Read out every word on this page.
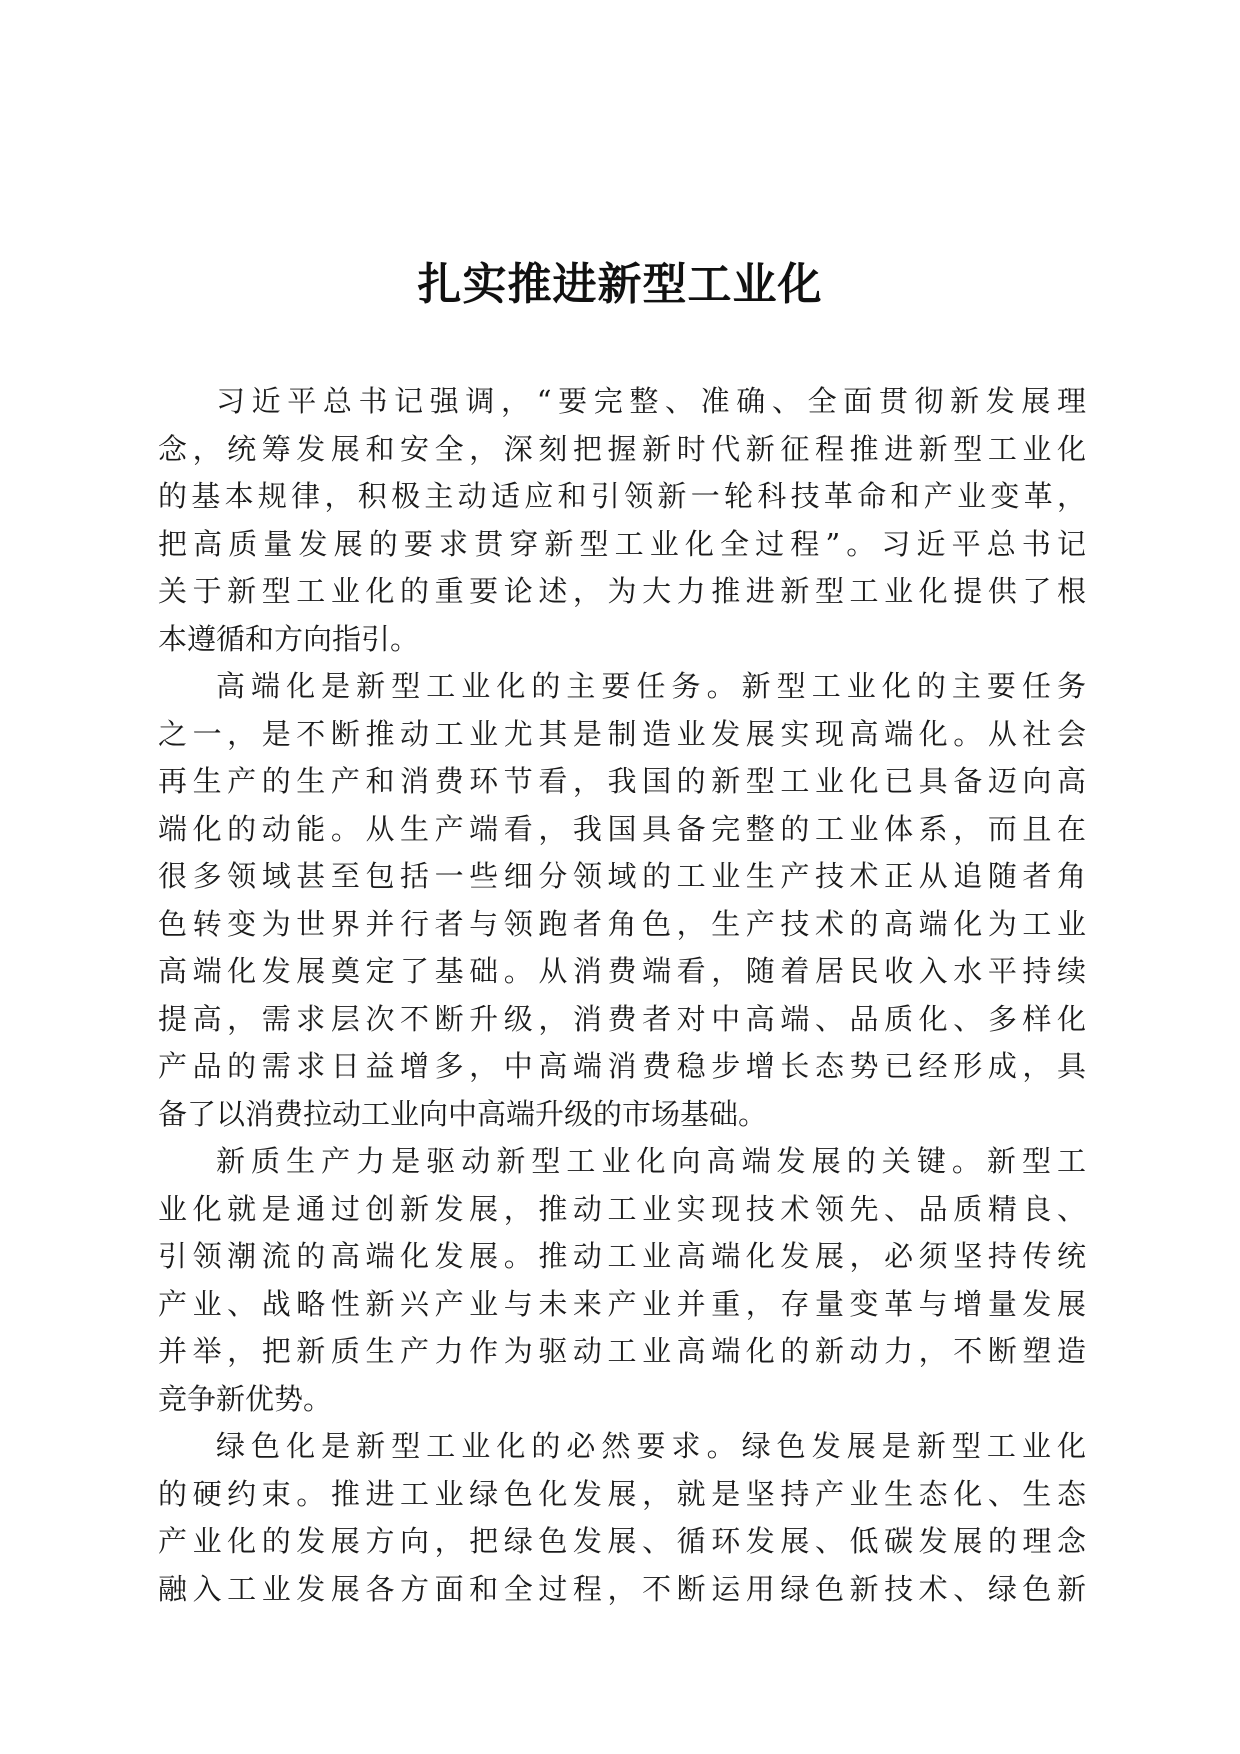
扎实推进新型工业化

习近平总书记强调，“要完整、准确、全面贯彻新发展理
念，统筹发展和安全，深刻把握新时代新征程推进新型工业化
的基本规律，积极主动适应和引领新一轮科技革命和产业变革，
把高质量发展的要求贯穿新型工业化全过程”。习近平总书记
关于新型工业化的重要论述，为大力推进新型工业化提供了根
本遵循和方向指引。

高端化是新型工业化的主要任务。新型工业化的主要任务
之一，是不断推动工业尤其是制造业发展实现高端化。从社会
再生产的生产和消费环节看，我国的新型工业化已具备迈向高
端化的动能。从生产端看，我国具备完整的工业体系，而且在
很多领域甚至包括一些细分领域的工业生产技术正从追随者角
色转变为世界并行者与领跑者角色，生产技术的高端化为工业
高端化发展奠定了基础。从消费端看，随着居民收入水平持续
提高，需求层次不断升级，消费者对中高端、品质化、多样化
产品的需求日益增多，中高端消费稳步增长态势已经形成，具
备了以消费拉动工业向中高端升级的市场基础。

新质生产力是驱动新型工业化向高端发展的关键。新型工
业化就是通过创新发展，推动工业实现技术领先、品质精良、
引领潮流的高端化发展。推动工业高端化发展，必须坚持传统
产业、战略性新兴产业与未来产业并重，存量变革与增量发展
并举，把新质生产力作为驱动工业高端化的新动力，不断塑造
竞争新优势。

绿色化是新型工业化的必然要求。绿色发展是新型工业化
的硬约束。推进工业绿色化发展，就是坚持产业生态化、生态
产业化的发展方向，把绿色发展、循环发展、低碳发展的理念
融入工业发展各方面和全过程，不断运用绿色新技术、绿色新
